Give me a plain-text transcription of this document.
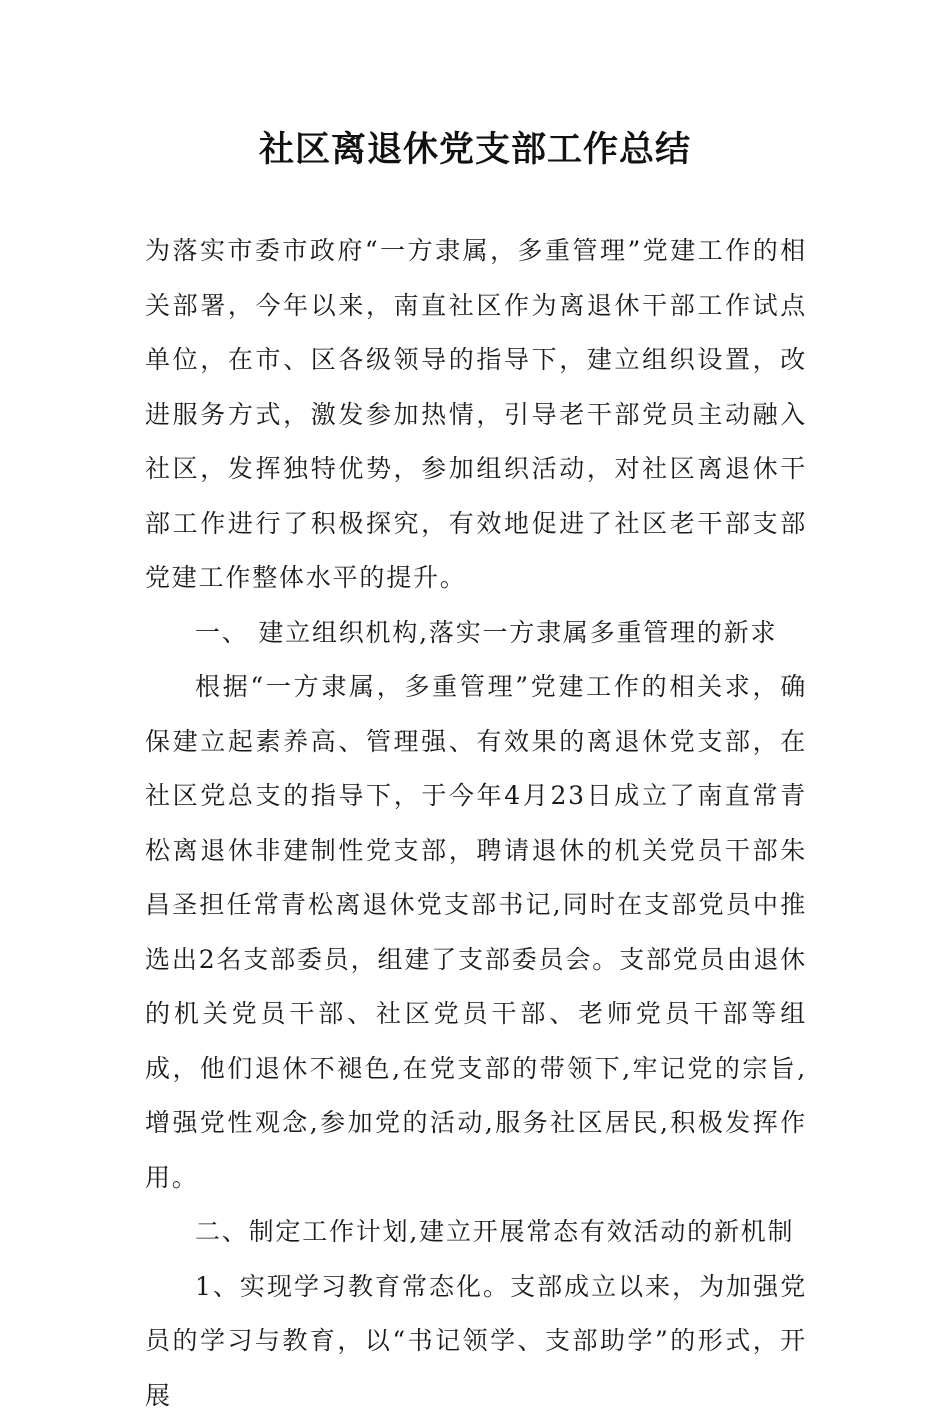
社区离退休党支部工作总结

为落实市委市政府“一方隶属，多重管理”党建工作的相关部署，今年以来，南直社区作为离退休干部工作试点单位，在市、区各级领导的指导下，建立组织设置，改进服务方式，激发参加热情，引导老干部党员主动融入社区，发挥独特优势，参加组织活动，对社区离退休干部工作进行了积极探究，有效地促进了社区老干部支部党建工作整体水平的提升。

一、 建立组织机构,落实一方隶属多重管理的新求

根据“一方隶属，多重管理”党建工作的相关求，确保建立起素养高、管理强、有效果的离退休党支部，在社区党总支的指导下，于今年4月23日成立了南直常青松离退休非建制性党支部，聘请退休的机关党员干部朱昌圣担任常青松离退休党支部书记,同时在支部党员中推选出2名支部委员，组建了支部委员会。支部党员由退休的机关党员干部、社区党员干部、老师党员干部等组成，他们退休不褪色,在党支部的带领下,牢记党的宗旨,增强党性观念,参加党的活动,服务社区居民,积极发挥作用。

二、制定工作计划,建立开展常态有效活动的新机制

1、实现学习教育常态化。支部成立以来，为加强党员的学习与教育，以“书记领学、支部助学”的形式，开展
